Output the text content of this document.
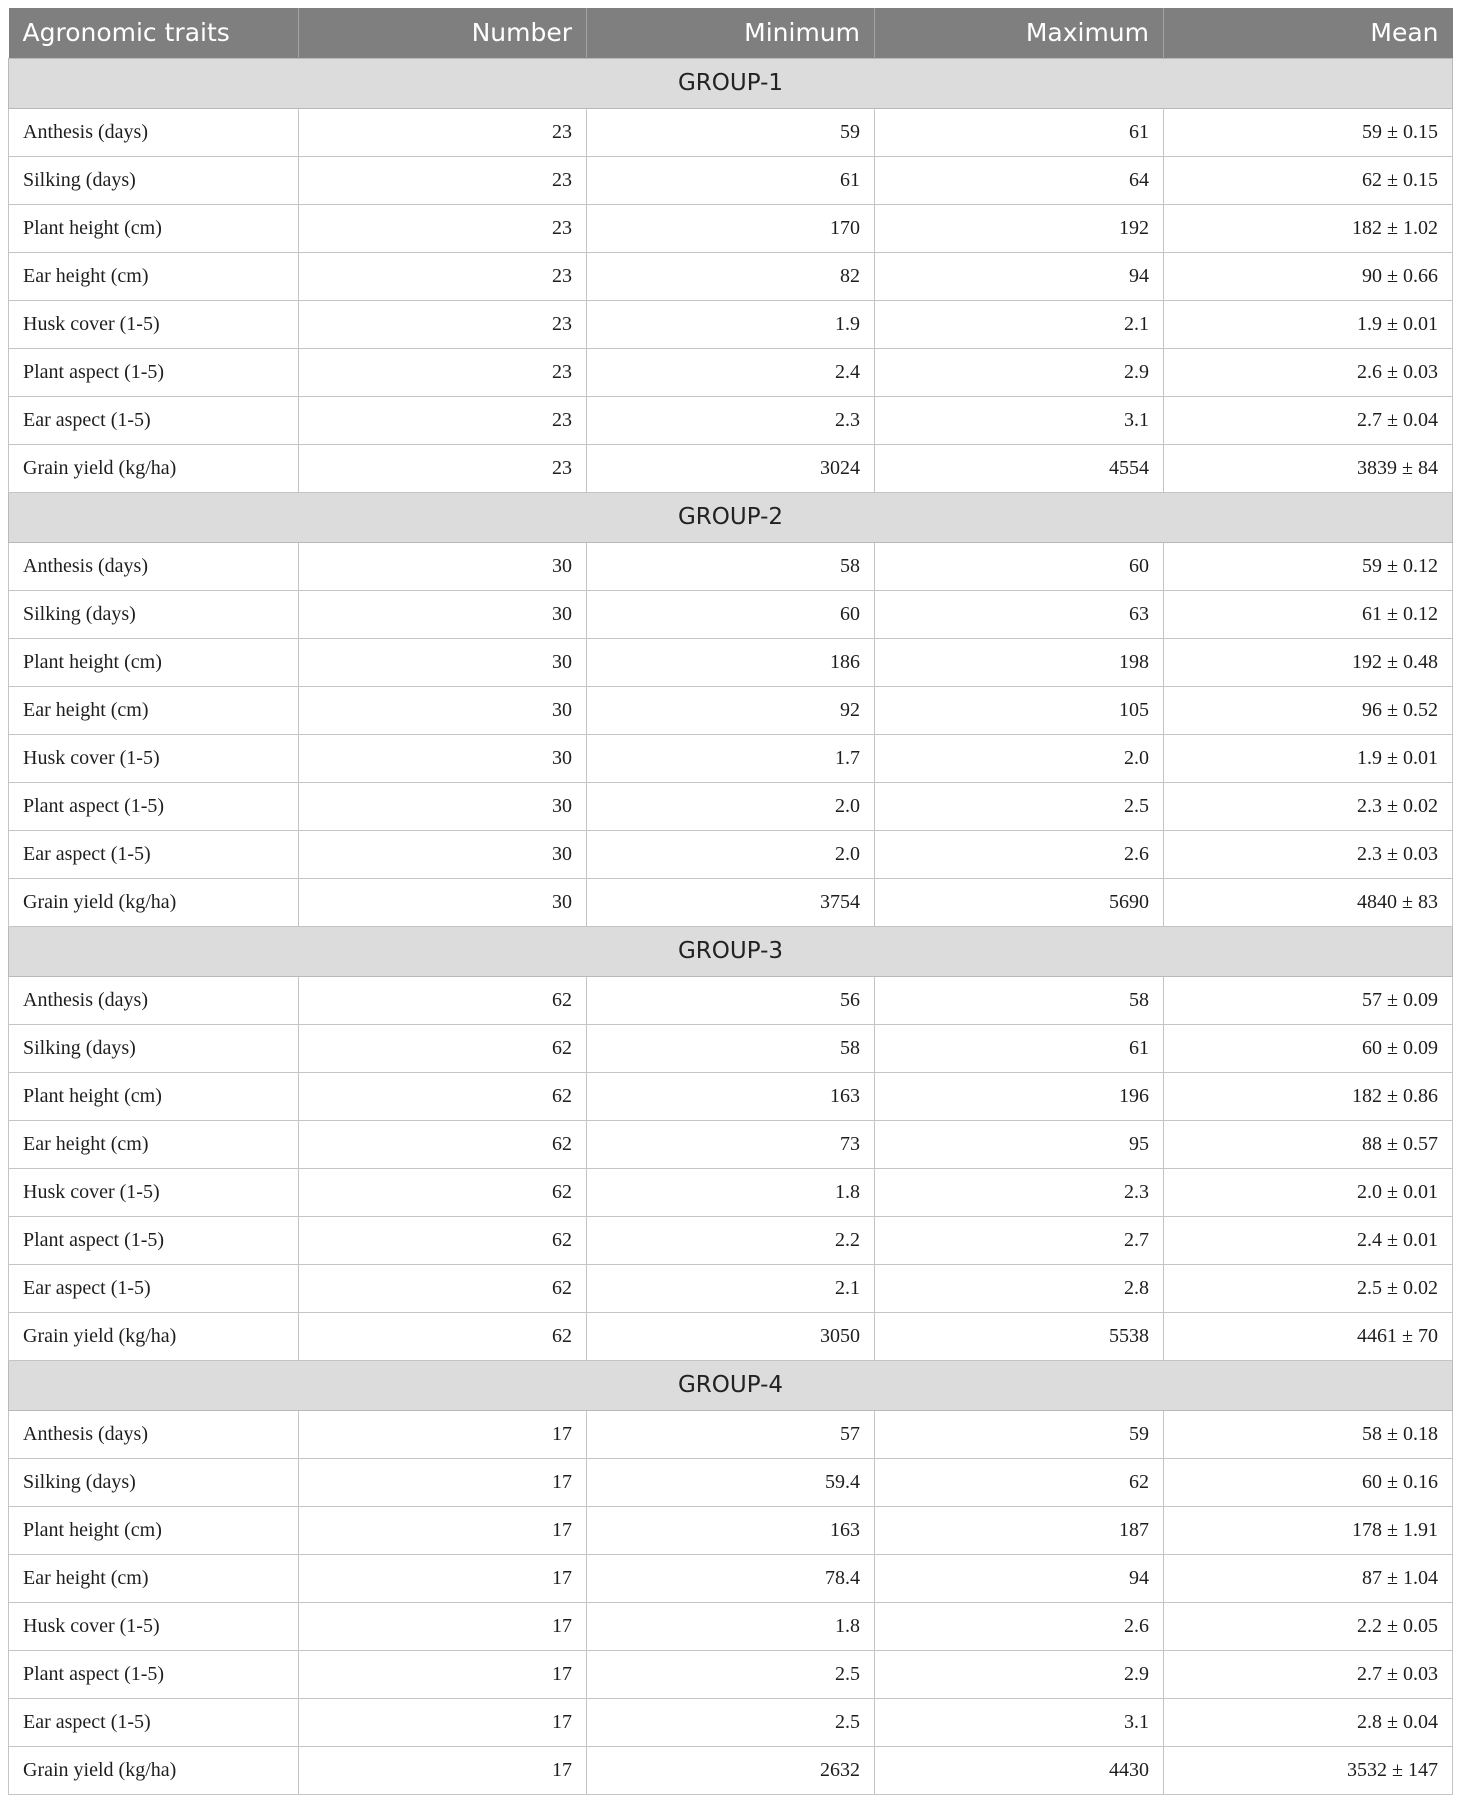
Agronomic traits	Number	Minimum	Maximum	Mean
GROUP-1				
Anthesis (days)	23	59	61	59 ± 0.15
Silking (days)	23	61	64	62 ± 0.15
Plant height (cm)	23	170	192	182 ± 1.02
Ear height (cm)	23	82	94	90 ± 0.66
Husk cover (1-5)	23	1.9	2.1	1.9 ± 0.01
Plant aspect (1-5)	23	2.4	2.9	2.6 ± 0.03
Ear aspect (1-5)	23	2.3	3.1	2.7 ± 0.04
Grain yield (kg/ha)	23	3024	4554	3839 ± 84
GROUP-2				
Anthesis (days)	30	58	60	59 ± 0.12
Silking (days)	30	60	63	61 ± 0.12
Plant height (cm)	30	186	198	192 ± 0.48
Ear height (cm)	30	92	105	96 ± 0.52
Husk cover (1-5)	30	1.7	2.0	1.9 ± 0.01
Plant aspect (1-5)	30	2.0	2.5	2.3 ± 0.02
Ear aspect (1-5)	30	2.0	2.6	2.3 ± 0.03
Grain yield (kg/ha)	30	3754	5690	4840 ± 83
GROUP-3				
Anthesis (days)	62	56	58	57 ± 0.09
Silking (days)	62	58	61	60 ± 0.09
Plant height (cm)	62	163	196	182 ± 0.86
Ear height (cm)	62	73	95	88 ± 0.57
Husk cover (1-5)	62	1.8	2.3	2.0 ± 0.01
Plant aspect (1-5)	62	2.2	2.7	2.4 ± 0.01
Ear aspect (1-5)	62	2.1	2.8	2.5 ± 0.02
Grain yield (kg/ha)	62	3050	5538	4461 ± 70
GROUP-4				
Anthesis (days)	17	57	59	58 ± 0.18
Silking (days)	17	59.4	62	60 ± 0.16
Plant height (cm)	17	163	187	178 ± 1.91
Ear height (cm)	17	78.4	94	87 ± 1.04
Husk cover (1-5)	17	1.8	2.6	2.2 ± 0.05
Plant aspect (1-5)	17	2.5	2.9	2.7 ± 0.03
Ear aspect (1-5)	17	2.5	3.1	2.8 ± 0.04
Grain yield (kg/ha)	17	2632	4430	3532 ± 147
